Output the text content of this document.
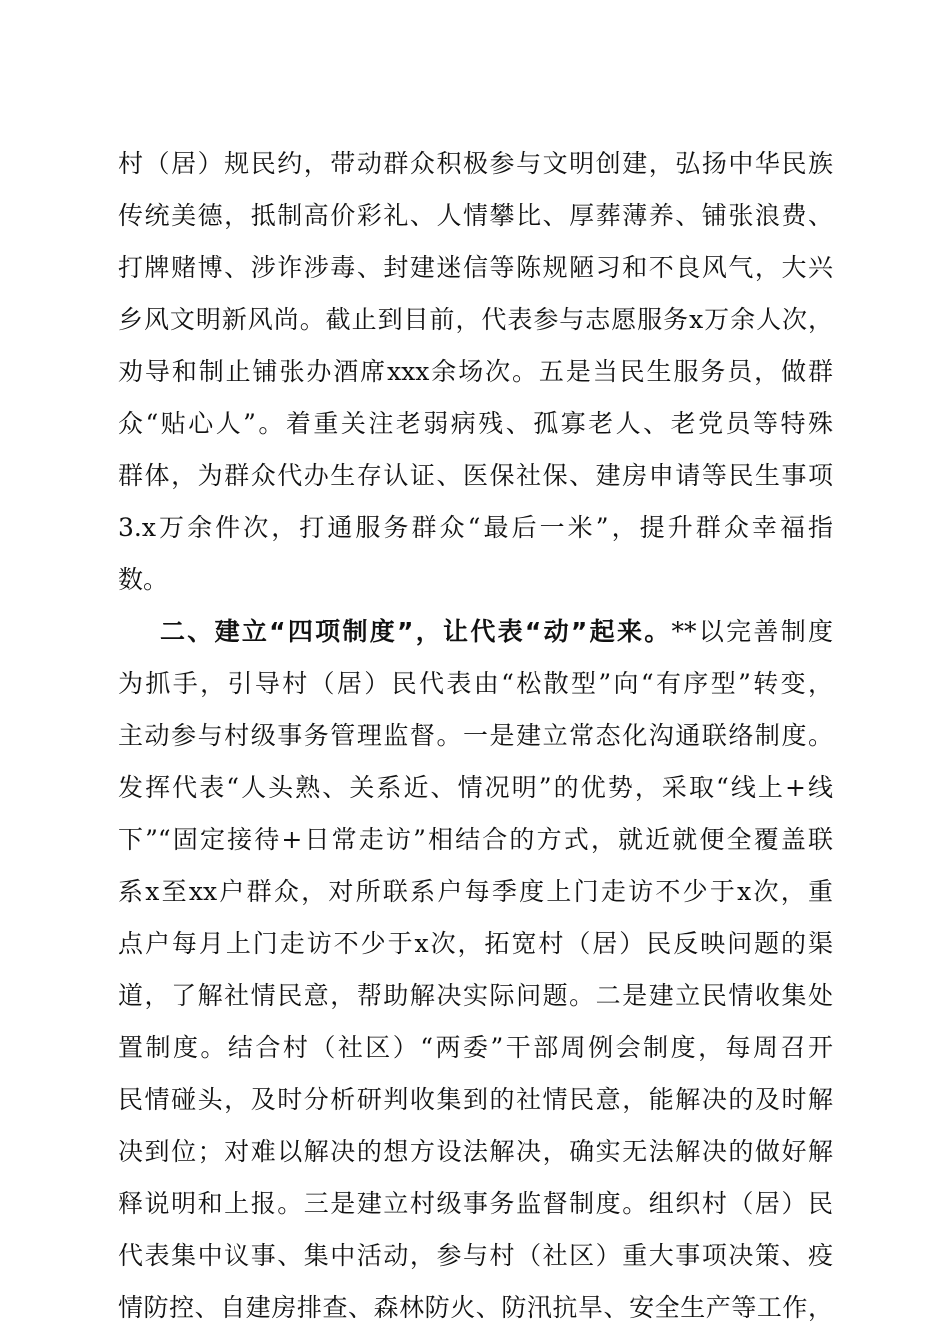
村（居）规民约，带动群众积极参与文明创建，弘扬中华民族
传统美德，抵制高价彩礼、人情攀比、厚葬薄养、铺张浪费、
打牌赌博、涉诈涉毒、封建迷信等陈规陋习和不良风气，大兴
乡风文明新风尚。截止到目前，代表参与志愿服务x万余人次，
劝导和制止铺张办酒席xxx余场次。五是当民生服务员，做群
众“贴心人”。着重关注老弱病残、孤寡老人、老党员等特殊
群体，为群众代办生存认证、医保社保、建房申请等民生事项
3.x万余件次，打通服务群众“最后一米”，提升群众幸福指
数。
二、建立“四项制度”，让代表“动”起来。**以完善制度
为抓手，引导村（居）民代表由“松散型”向“有序型”转变，
主动参与村级事务管理监督。一是建立常态化沟通联络制度。
发挥代表“人头熟、关系近、情况明”的优势，采取“线上+线
下”“固定接待+日常走访”相结合的方式，就近就便全覆盖联
系x至xx户群众，对所联系户每季度上门走访不少于x次，重
点户每月上门走访不少于x次，拓宽村（居）民反映问题的渠
道，了解社情民意，帮助解决实际问题。二是建立民情收集处
置制度。结合村（社区）“两委”干部周例会制度，每周召开
民情碰头，及时分析研判收集到的社情民意，能解决的及时解
决到位；对难以解决的想方设法解决，确实无法解决的做好解
释说明和上报。三是建立村级事务监督制度。组织村（居）民
代表集中议事、集中活动，参与村（社区）重大事项决策、疫
情防控、自建房排查、森林防火、防汛抗旱、安全生产等工作，
